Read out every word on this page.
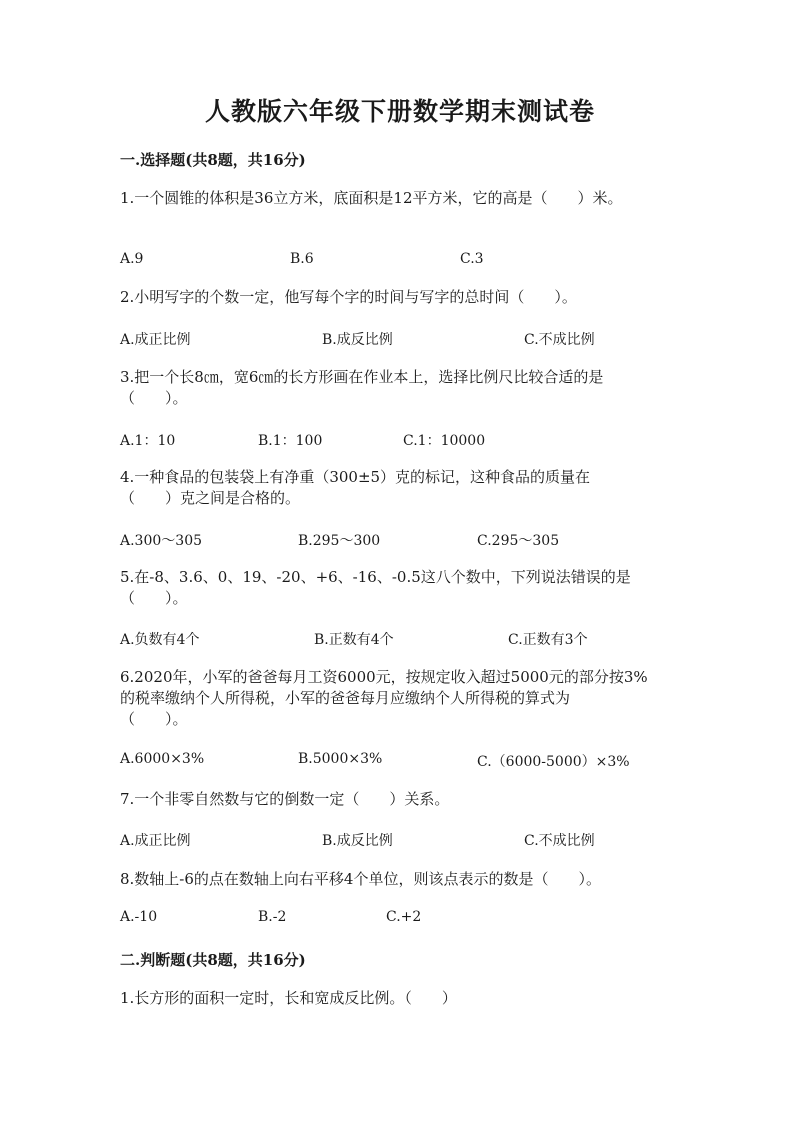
人教版六年级下册数学期末测试卷
一.选择题(共8题，共16分)
1.一个圆锥的体积是36立方米，底面积是12平方米，它的高是（　　）米。
A.9	B.6	C.3
2.小明写字的个数一定，他写每个字的时间与写字的总时间（　　）。
A.成正比例	B.成反比例	C.不成比例
3.把一个长8㎝，宽6㎝的长方形画在作业本上，选择比例尺比较合适的是
（　　）。
A.1：10	B.1：100	C.1：10000
4.一种食品的包装袋上有净重（300±5）克的标记，这种食品的质量在
（　　）克之间是合格的。
A.300～305	B.295～300	C.295～305
5.在-8、3.6、0、19、-20、+6、-16、-0.5这八个数中，下列说法错误的是
（　　）。
A.负数有4个	B.正数有4个	C.正数有3个
6.2020年，小军的爸爸每月工资6000元，按规定收入超过5000元的部分按3%
的税率缴纳个人所得税，小军的爸爸每月应缴纳个人所得税的算式为
（　　）。
A.6000×3%	B.5000×3%	C.（6000-5000）×3%
7.一个非零自然数与它的倒数一定（　　）关系。
A.成正比例	B.成反比例	C.不成比例
8.数轴上-6的点在数轴上向右平移4个单位，则该点表示的数是（　　）。
A.-10	B.-2	C.+2
二.判断题(共8题，共16分)
1.长方形的面积一定时，长和宽成反比例。（　　）
